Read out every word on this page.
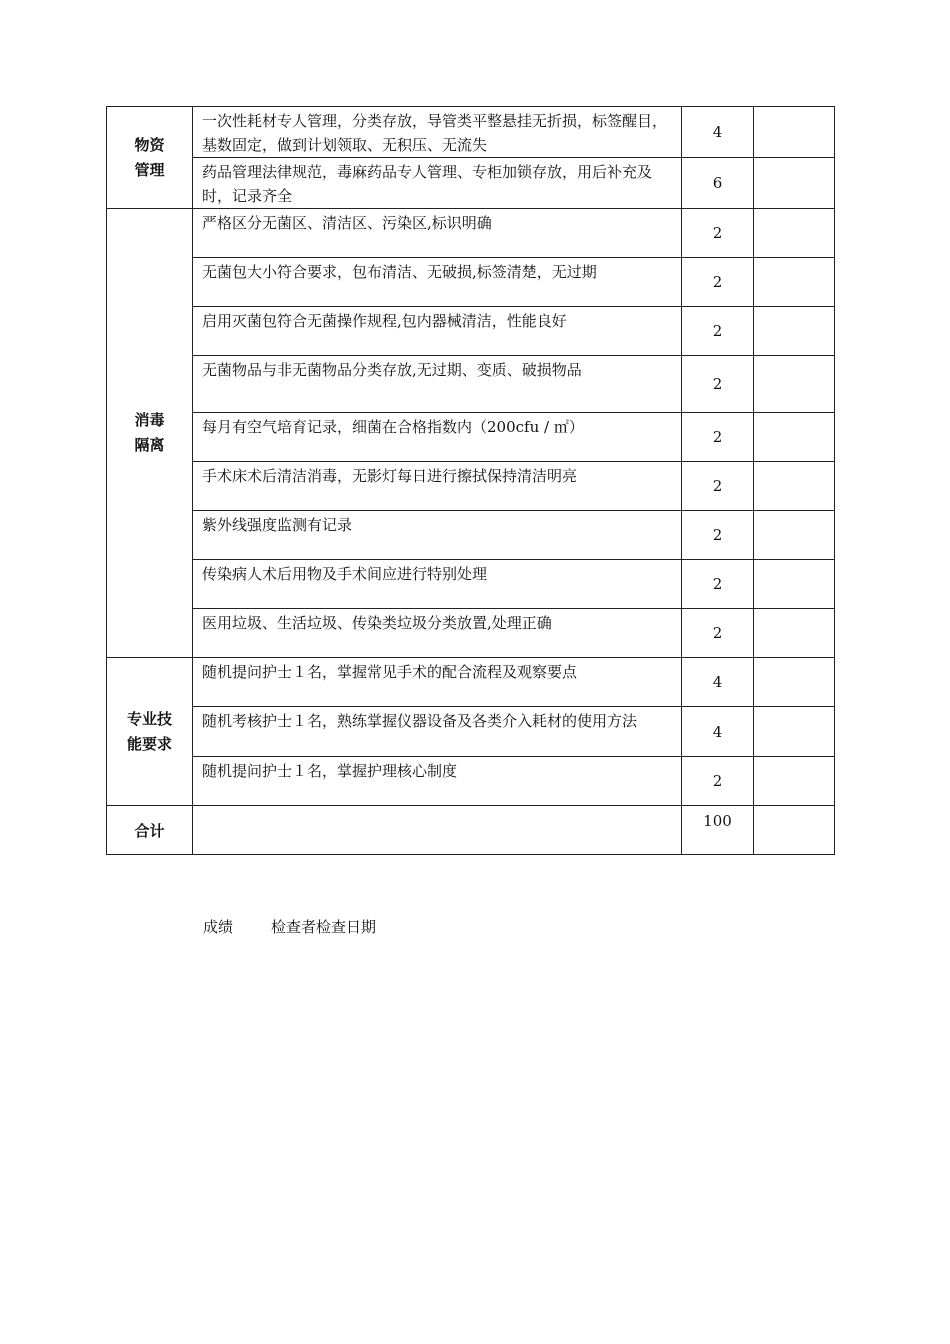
物资管理	一次性耗材专人管理，分类存放，导管类平整悬挂无折损，标签醒目，基数固定，做到计划领取、无积压、无流失	4	
	药品管理法律规范，毒麻药品专人管理、专柜加锁存放，用后补充及时，记录齐全	6	
消毒隔离	严格区分无菌区、清洁区、污染区,标识明确	2	
	无菌包大小符合要求，包布清洁、无破损,标签清楚，无过期	2	
	启用灭菌包符合无菌操作规程,包内器械清洁，性能良好	2	
	无菌物品与非无菌物品分类存放,无过期、变质、破损物品	2	
	每月有空气培育记录，细菌在合格指数内（200cfu / ㎡）	2	
	手术床术后清洁消毒，无影灯每日进行擦拭保持清洁明亮	2	
	紫外线强度监测有记录	2	
	传染病人术后用物及手术间应进行特别处理	2	
	医用垃圾、生活垃圾、传染类垃圾分类放置,处理正确	2	
专业技能要求	随机提问护士１名，掌握常见手术的配合流程及观察要点	4	
	随机考核护士１名，熟练掌握仪器设备及各类介入耗材的使用方法	4	
	随机提问护士１名，掌握护理核心制度	2	
合计		100	
成绩	检查者检查日期
